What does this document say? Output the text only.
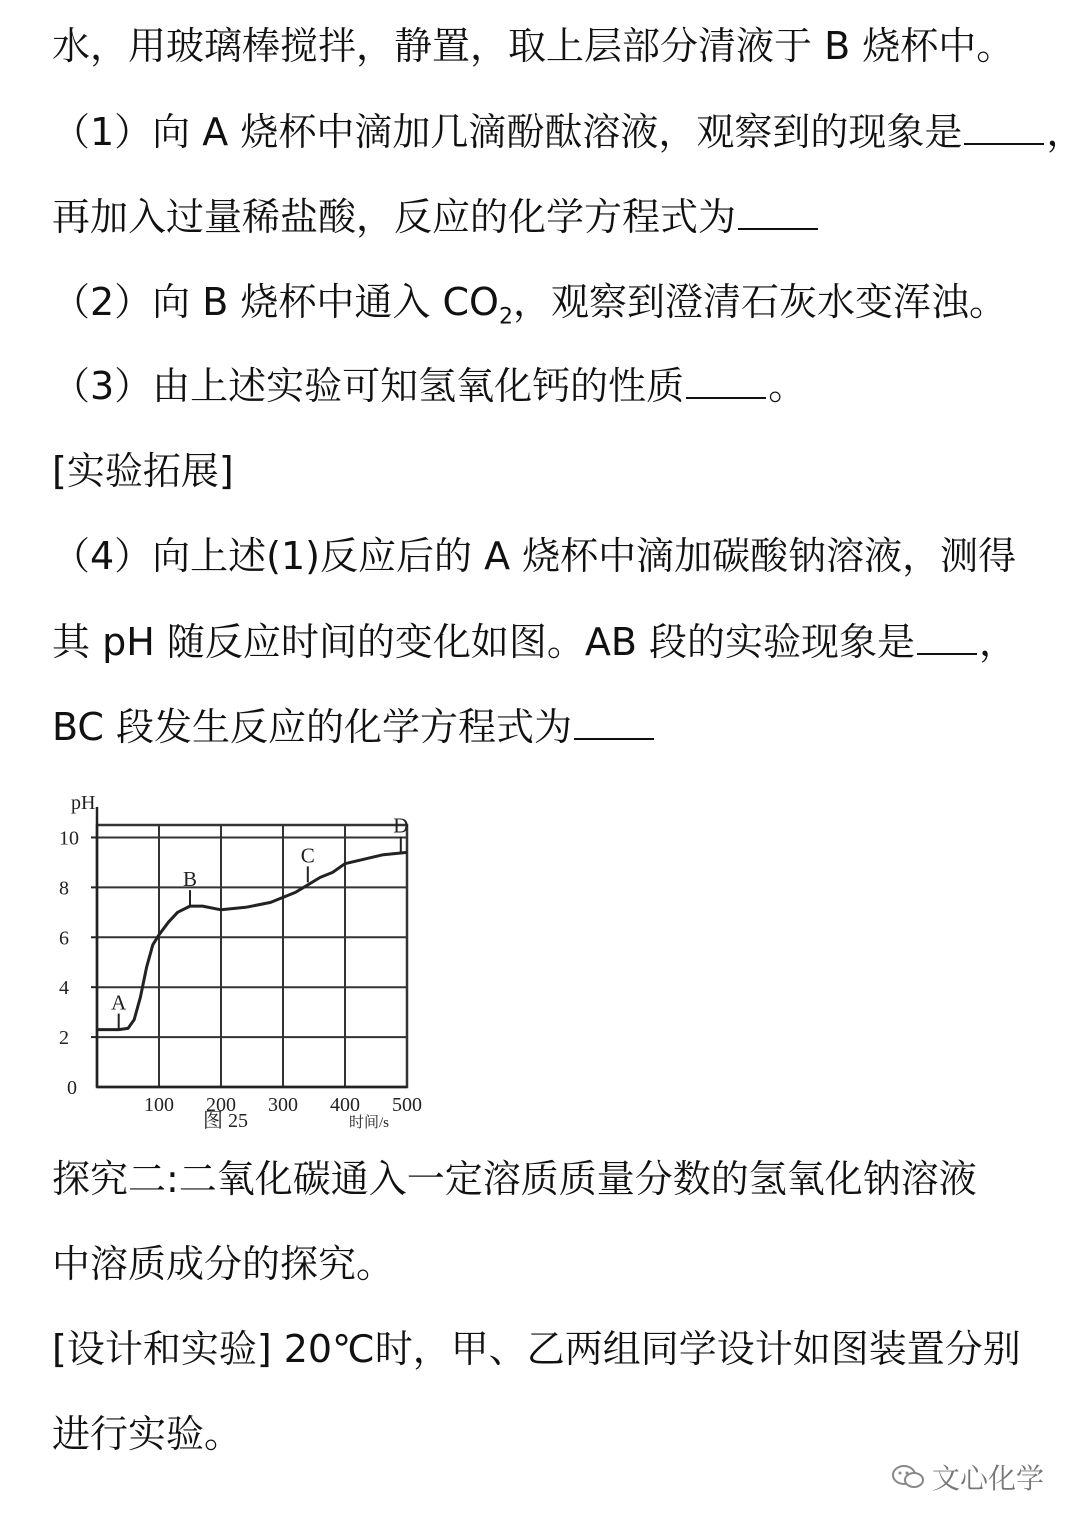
水，用玻璃棒搅拌，静置，取上层部分清液于 B 烧杯中。
（1）向 A 烧杯中滴加几滴酚酞溶液，观察到的现象是 ，
再加入过量稀盐酸，反应的化学方程式为
（2）向 B 烧杯中通入 $CO_2$，观察到澄清石灰水变浑浊。
（3）由上述实验可知氢氧化钙的性质 。
[实验拓展]
（4）向上述(1)反应后的 A 烧杯中滴加碳酸钠溶液，测得
其 pH 随反应时间的变化如图。AB 段的实验现象是 ，
BC 段发生反应的化学方程式为
0
2
4
6
8
10
100 200 300 400 500
A
B
C
D
pH
时间/s
图 25
探究二:二氧化碳通入一定溶质质量分数的氢氧化钠溶液
中溶质成分的探究。
[设计和实验] 20℃时，甲、乙两组同学设计如图装置分别
进行实验。
文心化学
